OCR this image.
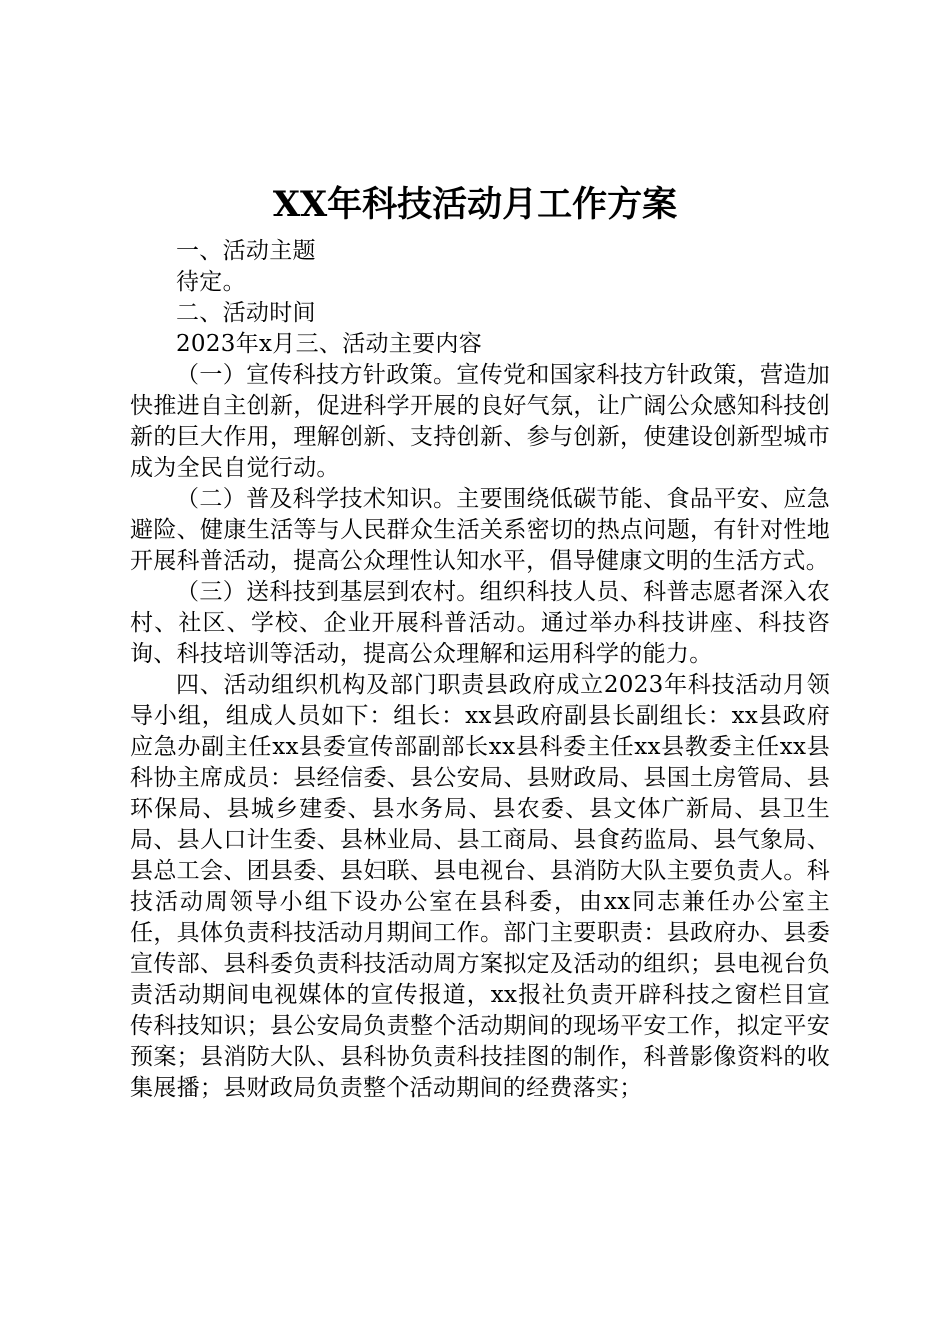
XX年科技活动月工作方案

一、活动主题

待定。

二、活动时间

2023年x月三、活动主要内容

（一）宣传科技方针政策。宣传党和国家科技方针政策，营造加快推进自主创新，促进科学开展的良好气氛，让广阔公众感知科技创新的巨大作用，理解创新、支持创新、参与创新，使建设创新型城市成为全民自觉行动。

（二）普及科学技术知识。主要围绕低碳节能、食品平安、应急避险、健康生活等与人民群众生活关系密切的热点问题，有针对性地开展科普活动，提高公众理性认知水平，倡导健康文明的生活方式。

（三）送科技到基层到农村。组织科技人员、科普志愿者深入农村、社区、学校、企业开展科普活动。通过举办科技讲座、科技咨询、科技培训等活动，提高公众理解和运用科学的能力。

四、活动组织机构及部门职责县政府成立2023年科技活动月领导小组，组成人员如下：组长：xx县政府副县长副组长：xx县政府应急办副主任xx县委宣传部副部长xx县科委主任xx县教委主任xx县科协主席成员：县经信委、县公安局、县财政局、县国土房管局、县环保局、县城乡建委、县水务局、县农委、县文体广新局、县卫生局、县人口计生委、县林业局、县工商局、县食药监局、县气象局、县总工会、团县委、县妇联、县电视台、县消防大队主要负责人。科技活动周领导小组下设办公室在县科委，由xx同志兼任办公室主任，具体负责科技活动月期间工作。部门主要职责：县政府办、县委宣传部、县科委负责科技活动周方案拟定及活动的组织；县电视台负责活动期间电视媒体的宣传报道，xx报社负责开辟科技之窗栏目宣传科技知识；县公安局负责整个活动期间的现场平安工作，拟定平安预案；县消防大队、县科协负责科技挂图的制作，科普影像资料的收集展播；县财政局负责整个活动期间的经费落实；
